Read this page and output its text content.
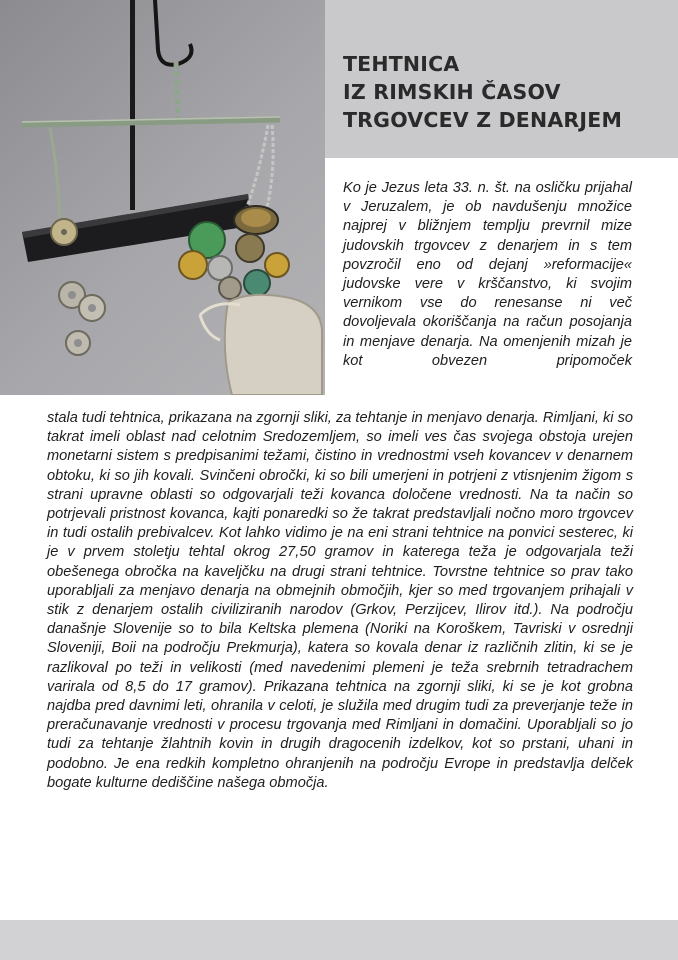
TEHTNICA
IZ RIMSKIH ČASOV
TRGOVCEV Z DENARJEM

Ko je Jezus leta 33. n. št. na osličku prijahal v Jeruzalem, je ob navdušenju množice najprej v bližnjem templju prevrnil mize judovskih trgovcev z denarjem in s tem povzročil eno od dejanj »reformacije« judovske vere v krščanstvo, ki svojim vernikom vse do renesanse ni več dovoljevala okoriščanja na račun posojanja in menjave denarja. Na omenjenih mizah je kot obvezen pripomoček

stala tudi tehtnica, prikazana na zgornji sliki, za tehtanje in menjavo denarja. Rimljani, ki so takrat imeli oblast nad celotnim Sredozemljem, so imeli ves čas svojega obstoja urejen monetarni sistem s predpisanimi težami, čistino in vrednostmi vseh kovancev v denarnem obtoku, ki so jih kovali. Svinčeni obročki, ki so bili umerjeni in potrjeni z vtisnjenim žigom s strani upravne oblasti so odgovarjali teži kovanca določene vrednosti. Na ta način so potrjevali pristnost kovanca, kajti ponaredki so že takrat predstavljali nočno moro trgovcev in tudi ostalih prebivalcev. Kot lahko vidimo je na eni strani tehtnice na ponvici sesterec, ki je v prvem stoletju tehtal okrog 27,50 gramov in katerega teža je odgovarjala teži obešenega obročka na kaveljčku na drugi strani tehtnice. Tovrstne tehtnice so prav tako uporabljali za menjavo denarja na obmejnih območjih, kjer so med trgovanjem prihajali v stik z denarjem ostalih civiliziranih narodov (Grkov, Perzijcev, Ilirov itd.). Na področju današnje Slovenije so to bila Keltska plemena (Noriki na Koroškem, Tavriski v osrednji Sloveniji, Boii na področju Prekmurja), katera so kovala denar iz različnih zlitin, ki se je razlikoval po teži in velikosti (med navedenimi plemeni je teža srebrnih tetradrachem varirala od 8,5 do 17 gramov). Prikazana tehtnica na zgornji sliki, ki se je kot grobna najdba pred davnimi leti, ohranila v celoti, je služila med drugim tudi za preverjanje teže in preračunavanje vrednosti v procesu trgovanja med Rimljani in domačini. Uporabljali so jo tudi za tehtanje žlahtnih kovin in drugih dragocenih izdelkov, kot so prstani, uhani in podobno. Je ena redkih kompletno ohranjenih na področju Evrope in predstavlja delček bogate kulturne dediščine našega območja.
